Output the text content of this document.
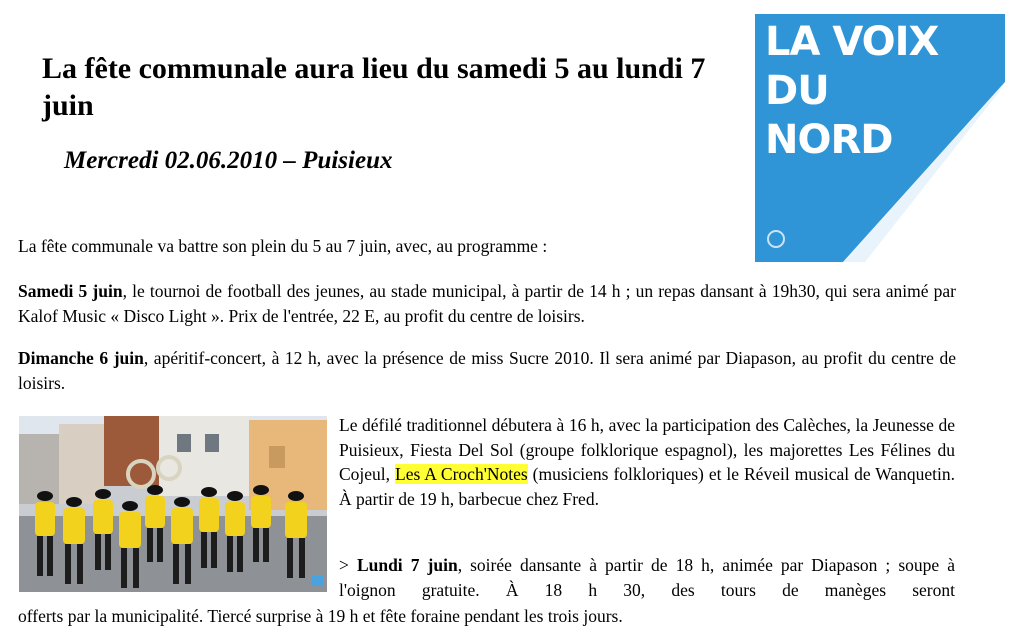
La fête communale aura lieu du samedi 5 au lundi 7 juin

Mercredi 02.06.2010 – Puisieux

LA VOIX
DU
NORD

La fête communale va battre son plein du 5 au 7 juin, avec, au programme :

Samedi 5 juin, le tournoi de football des jeunes, au stade municipal, à partir de 14 h ; un repas dansant à 19h30, qui sera animé par Kalof Music « Disco Light ». Prix de l'entrée, 22 E, au profit du centre de loisirs.

Dimanche 6 juin, apéritif-concert, à 12 h, avec la présence de miss Sucre 2010. Il sera animé par Diapason, au profit du centre de loisirs.

Le défilé traditionnel débutera à 16 h, avec la participation des Calèches, la Jeunesse de Puisieux, Fiesta Del Sol (groupe folklorique espagnol), les majorettes Les Félines du Cojeul, Les A Croch'Notes (musiciens folkloriques) et le Réveil musical de Wanquetin. À partir de 19 h, barbecue chez Fred.

> Lundi 7 juin, soirée dansante à partir de 18 h, animée par Diapason ; soupe à l'oignon gratuite. À 18 h 30, des tours de manèges seront

offerts par la municipalité. Tiercé surprise à 19 h et fête foraine pendant les trois jours.
